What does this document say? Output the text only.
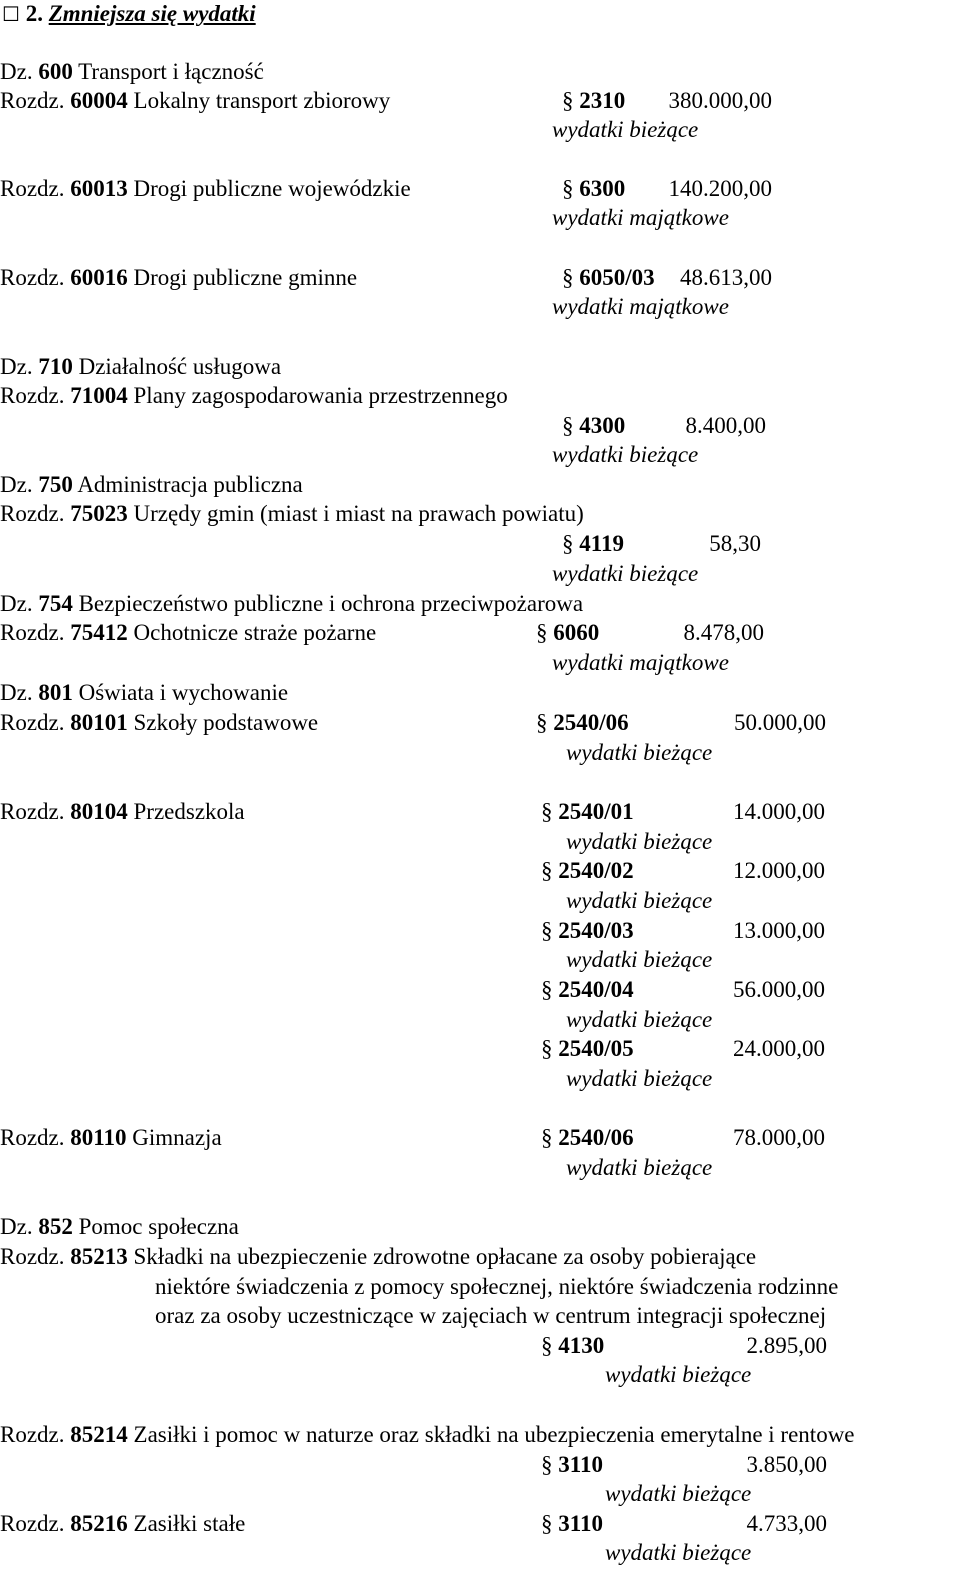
☐ 2. Zmniejsza się wydatki
Dz. 600 Transport i łączność
Rozdz. 60004 Lokalny transport zbiorowy	§ 2310 380.000,00
wydatki bieżące
Rozdz. 60013 Drogi publiczne wojewódzkie	§ 6300 140.200,00
wydatki majątkowe
Rozdz. 60016 Drogi publiczne gminne	§ 6050/03 48.613,00
wydatki majątkowe
Dz. 710 Działalność usługowa
Rozdz. 71004 Plany zagospodarowania przestrzennego
§ 4300	8.400,00
wydatki bieżące
Dz. 750 Administracja publiczna
Rozdz. 75023 Urzędy gmin (miast i miast na prawach powiatu)
§ 4119	58,30
wydatki bieżące
Dz. 754 Bezpieczeństwo publiczne i ochrona przeciwpożarowa
Rozdz. 75412 Ochotnicze straże pożarne	§ 6060	8.478,00
wydatki majątkowe
Dz. 801 Oświata i wychowanie
Rozdz. 80101 Szkoły podstawowe	§ 2540/06	50.000,00
wydatki bieżące
Rozdz. 80104 Przedszkola	§ 2540/01	14.000,00
wydatki bieżące
§ 2540/02	12.000,00
wydatki bieżące
§ 2540/03	13.000,00
wydatki bieżące
§ 2540/04	56.000,00
wydatki bieżące
§ 2540/05	24.000,00
wydatki bieżące
Rozdz. 80110 Gimnazja	§ 2540/06	78.000,00
wydatki bieżące
Dz. 852 Pomoc społeczna
Rozdz. 85213 Składki na ubezpieczenie zdrowotne opłacane za osoby pobierające
niektóre świadczenia z pomocy społecznej, niektóre świadczenia rodzinne
oraz za osoby uczestniczące w zajęciach w centrum integracji społecznej
§ 4130	2.895,00
wydatki bieżące
Rozdz. 85214 Zasiłki i pomoc w naturze oraz składki na ubezpieczenia emerytalne i rentowe
§ 3110	3.850,00
wydatki bieżące
Rozdz. 85216 Zasiłki stałe	§ 3110	4.733,00
wydatki bieżące
